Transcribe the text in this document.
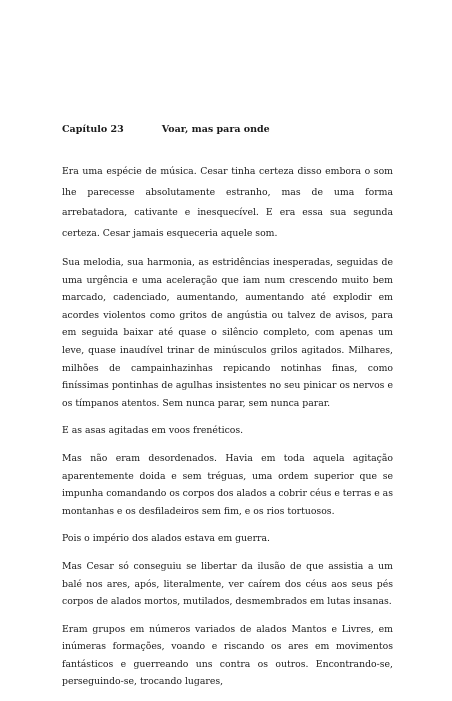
Capítulo 23	Voar, mas para onde

Era uma espécie de música. Cesar tinha certeza disso embora o som lhe parecesse absolutamente estranho, mas de uma forma arrebatadora, cativante e inesquecível. E era essa sua segunda certeza. Cesar jamais esqueceria aquele som.

Sua melodia, sua harmonia, as estridências inesperadas, seguidas de uma urgência e uma aceleração que iam num crescendo muito bem marcado, cadenciado, aumentando, aumentando até explodir em acordes violentos como gritos de angústia ou talvez de avisos, para em seguida baixar até quase o silêncio completo, com apenas um leve, quase inaudível trinar de minúsculos grilos agitados. Milhares, milhões de campainhazinhas repicando notinhas finas, como finíssimas pontinhas de agulhas insistentes no seu pinicar os nervos e os tímpanos atentos. Sem nunca parar, sem nunca parar.

E as asas agitadas em voos frenéticos.

Mas não eram desordenados. Havia em toda aquela agitação aparentemente doida e sem tréguas, uma ordem superior que se impunha comandando os corpos dos alados a cobrir céus e terras e as montanhas e os desfiladeiros sem fim, e os rios tortuosos.

Pois o império dos alados estava em guerra.

Mas Cesar só conseguiu se libertar da ilusão de que assistia a um balé nos ares, após, literalmente, ver caírem dos céus aos seus pés corpos de alados mortos, mutilados, desmembrados em lutas insanas.

Eram grupos em números variados de alados Mantos e Livres, em inúmeras formações, voando e riscando os ares em movimentos fantásticos e guerreando uns contra os outros. Encontrando-se, perseguindo-se, trocando lugares,
